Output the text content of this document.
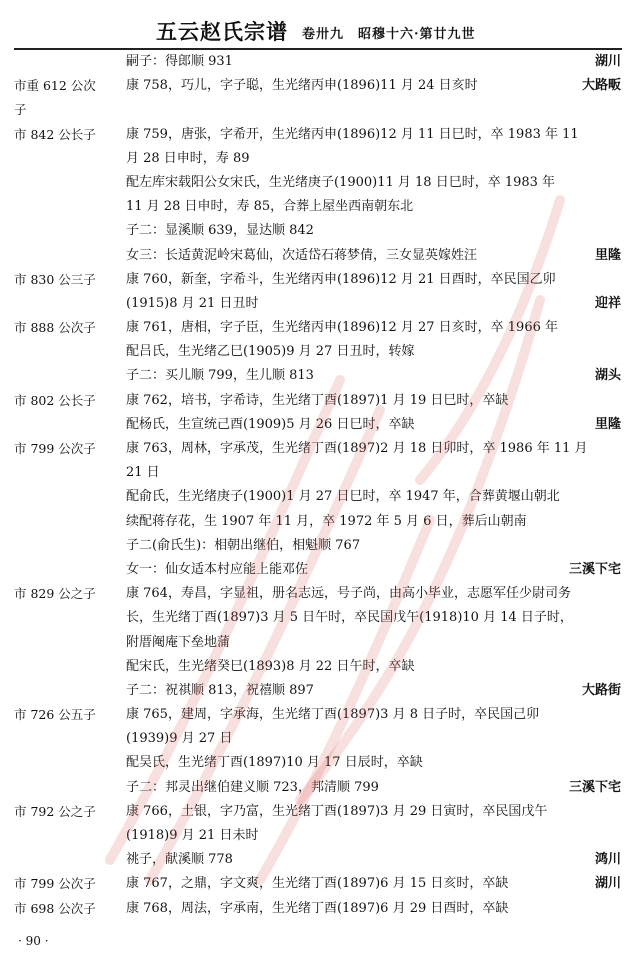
五云赵氏宗谱 卷卅九　昭穆十六·第廿九世
嗣子：得郎顺 931	湖川
市重 612 公次	康 758，巧儿，字子聪，生光绪丙申(1896)11 月 24 日亥时	大路畈
子
市 842 公长子	康 759，唐张，字希开，生光绪丙申(1896)12 月 11 日巳时，卒 1983 年 11
月 28 日申时，寿 89
配左库宋载阳公女宋氏，生光绪庚子(1900)11 月 18 日巳时，卒 1983 年
11 月 28 日申时，寿 85，合葬上屋坐西南朝东北
子二：显溪顺 639，显达顺 842
女三：长适黄泥岭宋葛仙，次适岱石蒋梦倩，三女显英嫁姓汪	里隆
市 830 公三子	康 760，新奎，字希斗，生光绪丙申(1896)12 月 21 日酉时，卒民国乙卯
(1915)8 月 21 日丑时	迎祥
市 888 公次子	康 761，唐相，字子臣，生光绪丙申(1896)12 月 27 日亥时，卒 1966 年
配吕氏，生光绪乙巳(1905)9 月 27 日丑时，转嫁
子二：买儿顺 799，生儿顺 813	湖头
市 802 公长子	康 762，培书，字希诗，生光绪丁酉(1897)1 月 19 日巳时，卒缺
配杨氏，生宣统己酉(1909)5 月 26 日巳时，卒缺	里隆
市 799 公次子	康 763，周林，字承茂，生光绪丁酉(1897)2 月 18 日卯时，卒 1986 年 11 月
21 日
配俞氏，生光绪庚子(1900)1 月 27 日巳时，卒 1947 年，合葬黄堰山朝北
续配蒋存花，生 1907 年 11 月，卒 1972 年 5 月 6 日，葬后山朝南
子二(俞氏生)：相朝出继伯，相魁顺 767
女一：仙女适本村应能上能邓佐	三溪下宅
市 829 公之子	康 764，寿昌，字显祖，册名志远，号子尚，由高小毕业，志愿军任少尉司务
长，生光绪丁酉(1897)3 月 5 日午时，卒民国戊午(1918)10 月 14 日子时，
附厝阉庵下垒地蒲
配宋氏，生光绪癸巳(1893)8 月 22 日午时，卒缺
子二：祝祺顺 813，祝禧顺 897	大路街
市 726 公五子	康 765，建周，字承海，生光绪丁酉(1897)3 月 8 日子时，卒民国己卯
(1939)9 月 27 日
配吴氏，生光绪丁酉(1897)10 月 17 日辰时，卒缺
子二：邦灵出继伯建义顺 723，邦清顺 799	三溪下宅
市 792 公之子	康 766，土银，字乃富，生光绪丁酉(1897)3 月 29 日寅时，卒民国戊午
(1918)9 月 21 日未时
祧子，献溪顺 778	鸿川
市 799 公次子	康 767，之鼎，字文爽，生光绪丁酉(1897)6 月 15 日亥时，卒缺	湖川
市 698 公次子	康 768，周法，字承南，生光绪丁酉(1897)6 月 29 日酉时，卒缺
· 90 ·
